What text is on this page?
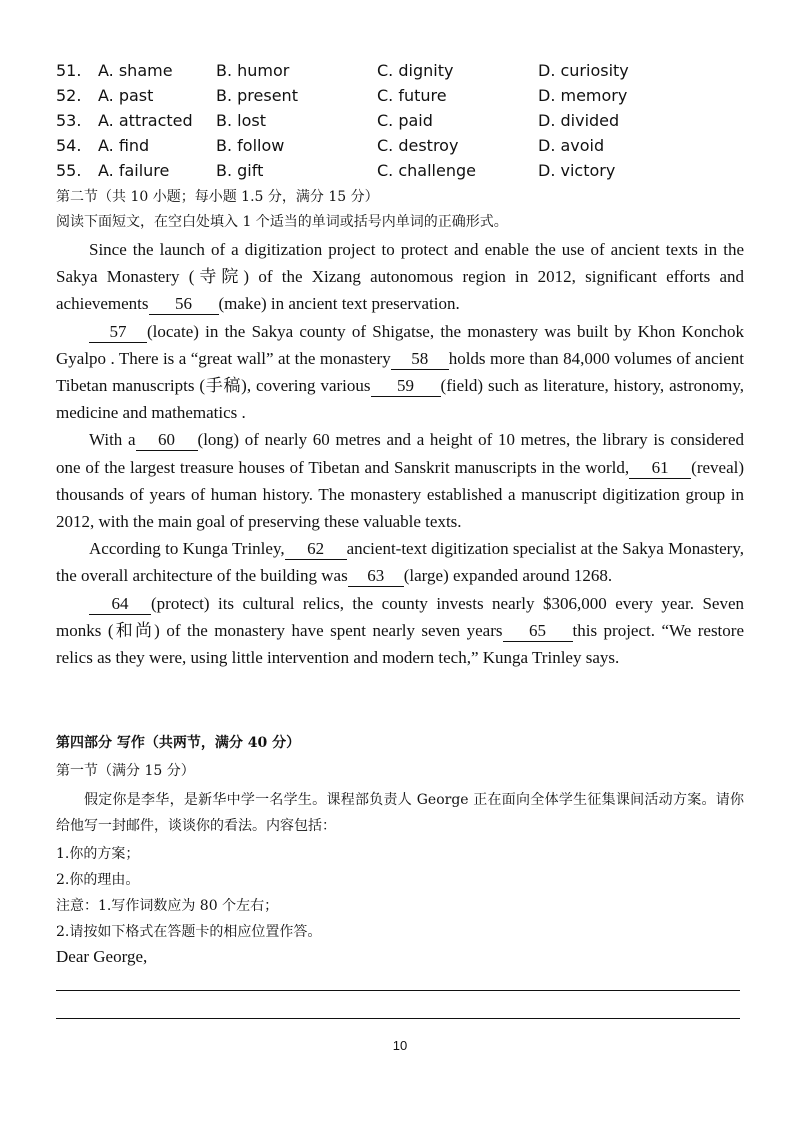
51. A. shame	B. humor	C. dignity	D. curiosity
52. A. past	B. present	C. future	D. memory
53. A. attracted B. lost	C. paid	D. divided
54. A. find	B. follow	C. destroy	D. avoid
55. A. failure	B. gift	C. challenge	D. victory
第二节（共 10 小题；每小题 1.5 分，满分 15 分）
阅读下面短文，在空白处填入 1 个适当的单词或括号内单词的正确形式。

Since the launch of a digitization project to protect and enable the use of ancient texts in the Sakya Monastery (寺院) of the Xizang autonomous region in 2012, significant efforts and achievements 56 (make) in ancient text preservation.

57 (locate) in the Sakya county of Shigatse, the monastery was built by Khon Konchok Gyalpo . There is a “great wall” at the monastery 58 holds more than 84,000 volumes of ancient Tibetan manuscripts (手稿), covering various 59 (field) such as literature, history, astronomy, medicine and mathematics .

With a 60 (long) of nearly 60 metres and a height of 10 metres, the library is considered one of the largest treasure houses of Tibetan and Sanskrit manuscripts in the world, 61 (reveal) thousands of years of human history. The monastery established a manuscript digitization group in 2012, with the main goal of preserving these valuable texts.

According to Kunga Trinley, 62 ancient-text digitization specialist at the Sakya Monastery, the overall architecture of the building was 63 (large) expanded around 1268.

64 (protect) its cultural relics, the county invests nearly $306,000 every year. Seven monks (和尚) of the monastery have spent nearly seven years 65 this project. “We restore relics as they were, using little intervention and modern tech,” Kunga Trinley says.

第四部分 写作（共两节，满分 40 分）
第一节（满分 15 分）
假定你是李华，是新华中学一名学生。课程部负责人 George 正在面向全体学生征集课间活动方案。请你给他写一封邮件，谈谈你的看法。内容包括：
1.你的方案；
2.你的理由。
注意：1.写作词数应为 80 个左右；
2.请按如下格式在答题卡的相应位置作答。
Dear George,
10
